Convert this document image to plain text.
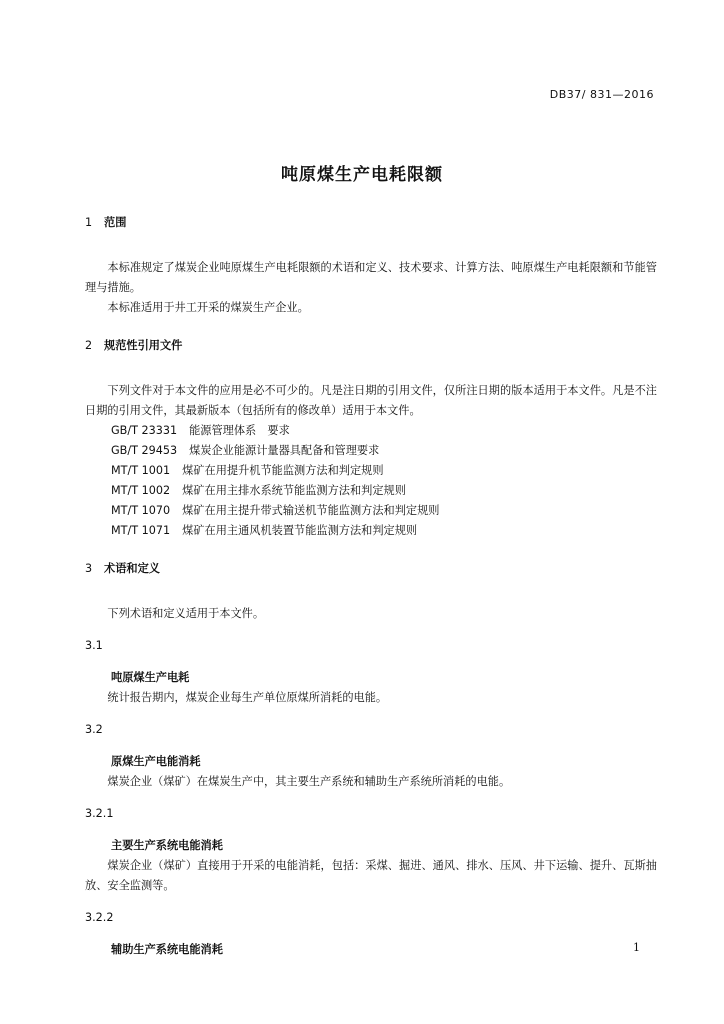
DB37/ 831—2016
吨原煤生产电耗限额

1 范围

本标准规定了煤炭企业吨原煤生产电耗限额的术语和定义、技术要求、计算方法、吨原煤生产电耗限额和节能管理与措施。

本标准适用于井工开采的煤炭生产企业。

2 规范性引用文件

下列文件对于本文件的应用是必不可少的。凡是注日期的引用文件，仅所注日期的版本适用于本文件。凡是不注日期的引用文件，其最新版本（包括所有的修改单）适用于本文件。

GB/T 23331 能源管理体系　要求

GB/T 29453 煤炭企业能源计量器具配备和管理要求

MT/T 1001 煤矿在用提升机节能监测方法和判定规则

MT/T 1002 煤矿在用主排水系统节能监测方法和判定规则

MT/T 1070 煤矿在用主提升带式输送机节能监测方法和判定规则

MT/T 1071 煤矿在用主通风机装置节能监测方法和判定规则

3 术语和定义

下列术语和定义适用于本文件。

3.1

吨原煤生产电耗

统计报告期内，煤炭企业每生产单位原煤所消耗的电能。

3.2

原煤生产电能消耗

煤炭企业（煤矿）在煤炭生产中，其主要生产系统和辅助生产系统所消耗的电能。

3.2.1

主要生产系统电能消耗

煤炭企业（煤矿）直接用于开采的电能消耗，包括：采煤、掘进、通风、排水、压风、井下运输、提升、瓦斯抽放、安全监测等。

3.2.2

辅助生产系统电能消耗	1
